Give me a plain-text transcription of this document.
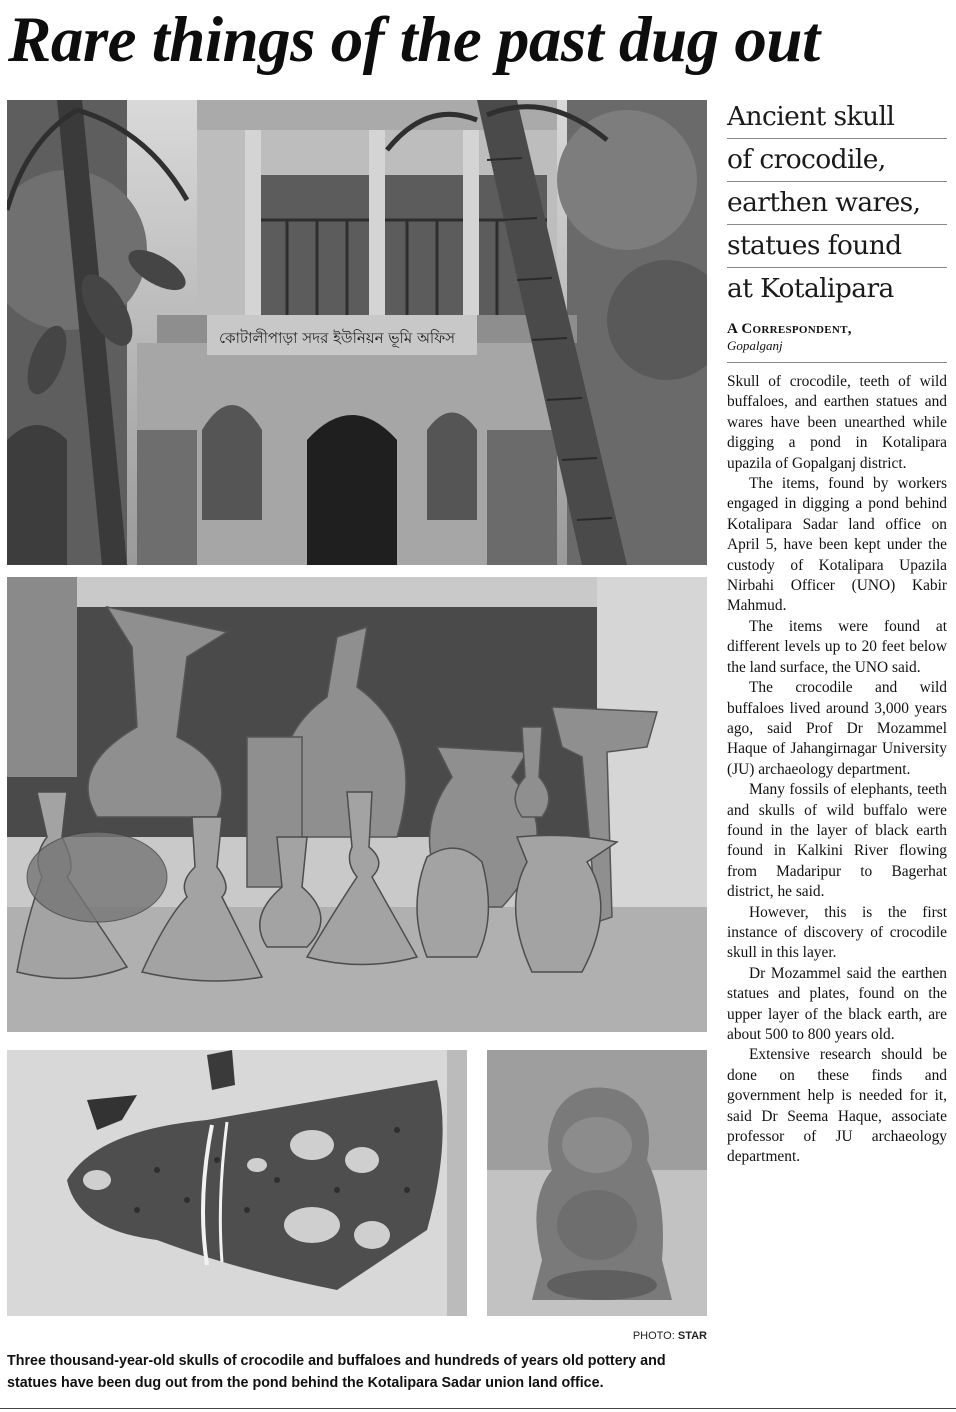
Rare things of the past dug out
কোটালীপাড়া সদর ইউনিয়ন ভূমি অফিস
PHOTO: STAR
Three thousand-year-old skulls of crocodile and buffaloes and hundreds of years old pottery and statues have been dug out from the pond behind the Kotalipara Sadar union land office.
Ancient skull
of crocodile,
earthen wares,
statues found
at Kotalipara
A Correspondent,
Gopalganj

Skull of crocodile, teeth of wild buffaloes, and earthen statues and wares have been unearthed while digging a pond in Kotalipara upazila of Gopalganj district.

The items, found by workers engaged in digging a pond behind Kotalipara Sadar land office on April 5, have been kept under the custody of Kotalipara Upazila Nirbahi Officer (UNO) Kabir Mahmud.

The items were found at different levels up to 20 feet below the land surface, the UNO said.

The crocodile and wild buffaloes lived around 3,000 years ago, said Prof Dr Mozammel Haque of Jahangirnagar University (JU) archaeology department.

Many fossils of elephants, teeth and skulls of wild buffalo were found in the layer of black earth found in Kalkini River flowing from Madaripur to Bagerhat district, he said.

However, this is the first instance of discovery of crocodile skull in this layer.

Dr Mozammel said the earthen statues and plates, found on the upper layer of the black earth, are about 500 to 800 years old.

Extensive research should be done on these finds and government help is needed for it, said Dr Seema Haque, associate professor of JU archaeology department.
